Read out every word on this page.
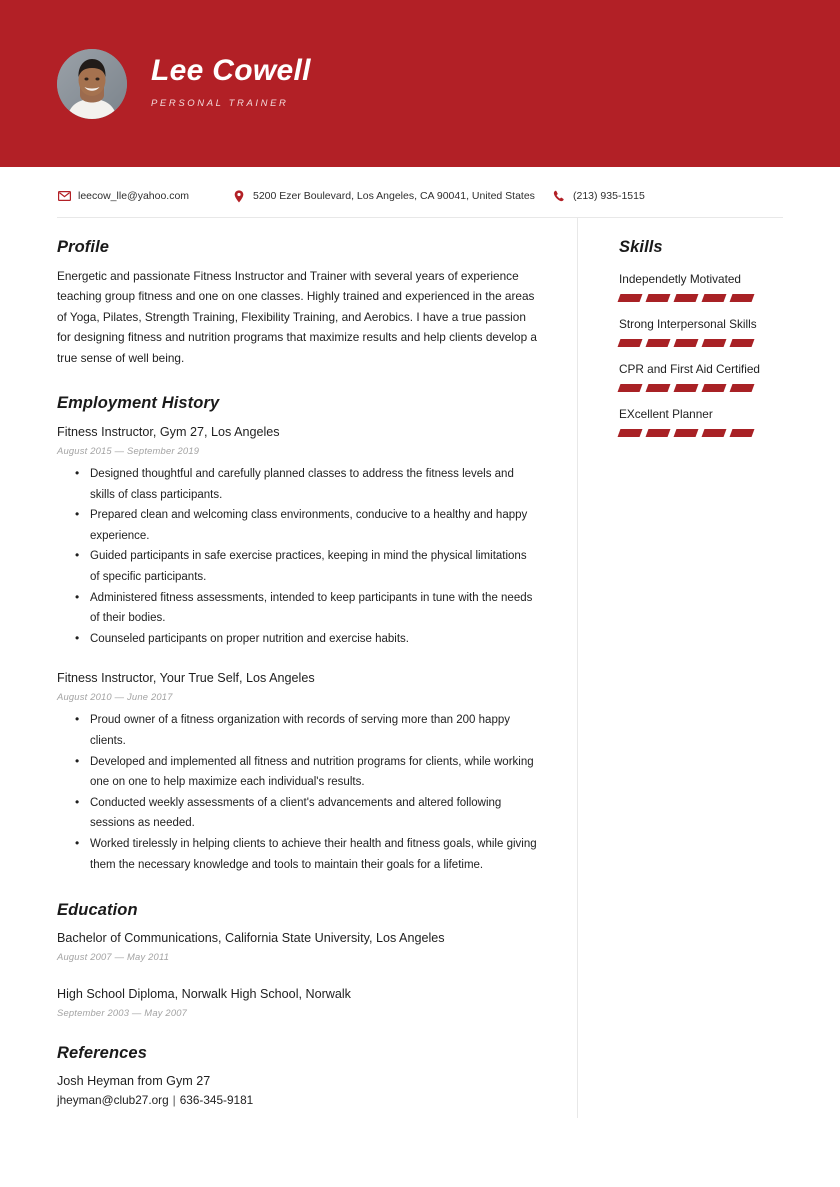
Lee Cowell
PERSONAL TRAINER
leecow_lle@yahoo.com	5200 Ezer Boulevard, Los Angeles, CA 90041, United States	(213) 935-1515
Profile
Energetic and passionate Fitness Instructor and Trainer with several years of experience teaching group fitness and one on one classes. Highly trained and experienced in the areas of Yoga, Pilates, Strength Training, Flexibility Training, and Aerobics. I have a true passion for designing fitness and nutrition programs that maximize results and help clients develop a true sense of well being.
Employment History
Fitness Instructor, Gym 27, Los Angeles
August 2015 — September 2019
• Designed thoughtful and carefully planned classes to address the fitness levels and skills of class participants.
• Prepared clean and welcoming class environments, conducive to a healthy and happy experience.
• Guided participants in safe exercise practices, keeping in mind the physical limitations of specific participants.
• Administered fitness assessments, intended to keep participants in tune with the needs of their bodies.
• Counseled participants on proper nutrition and exercise habits.
Fitness Instructor, Your True Self, Los Angeles
August 2010 — June 2017
• Proud owner of a fitness organization with records of serving more than 200 happy clients.
• Developed and implemented all fitness and nutrition programs for clients, while working one on one to help maximize each individual's results.
• Conducted weekly assessments of a client's advancements and altered following sessions as needed.
• Worked tirelessly in helping clients to achieve their health and fitness goals, while giving them the necessary knowledge and tools to maintain their goals for a lifetime.
Education
Bachelor of Communications, California State University, Los Angeles
August 2007 — May 2011
High School Diploma, Norwalk High School, Norwalk
September 2003 — May 2007
References
Josh Heyman from Gym 27
jheyman@club27.org | 636-345-9181
Skills
Independetly Motivated
Strong Interpersonal Skills
CPR and First Aid Certified
EXcellent Planner
